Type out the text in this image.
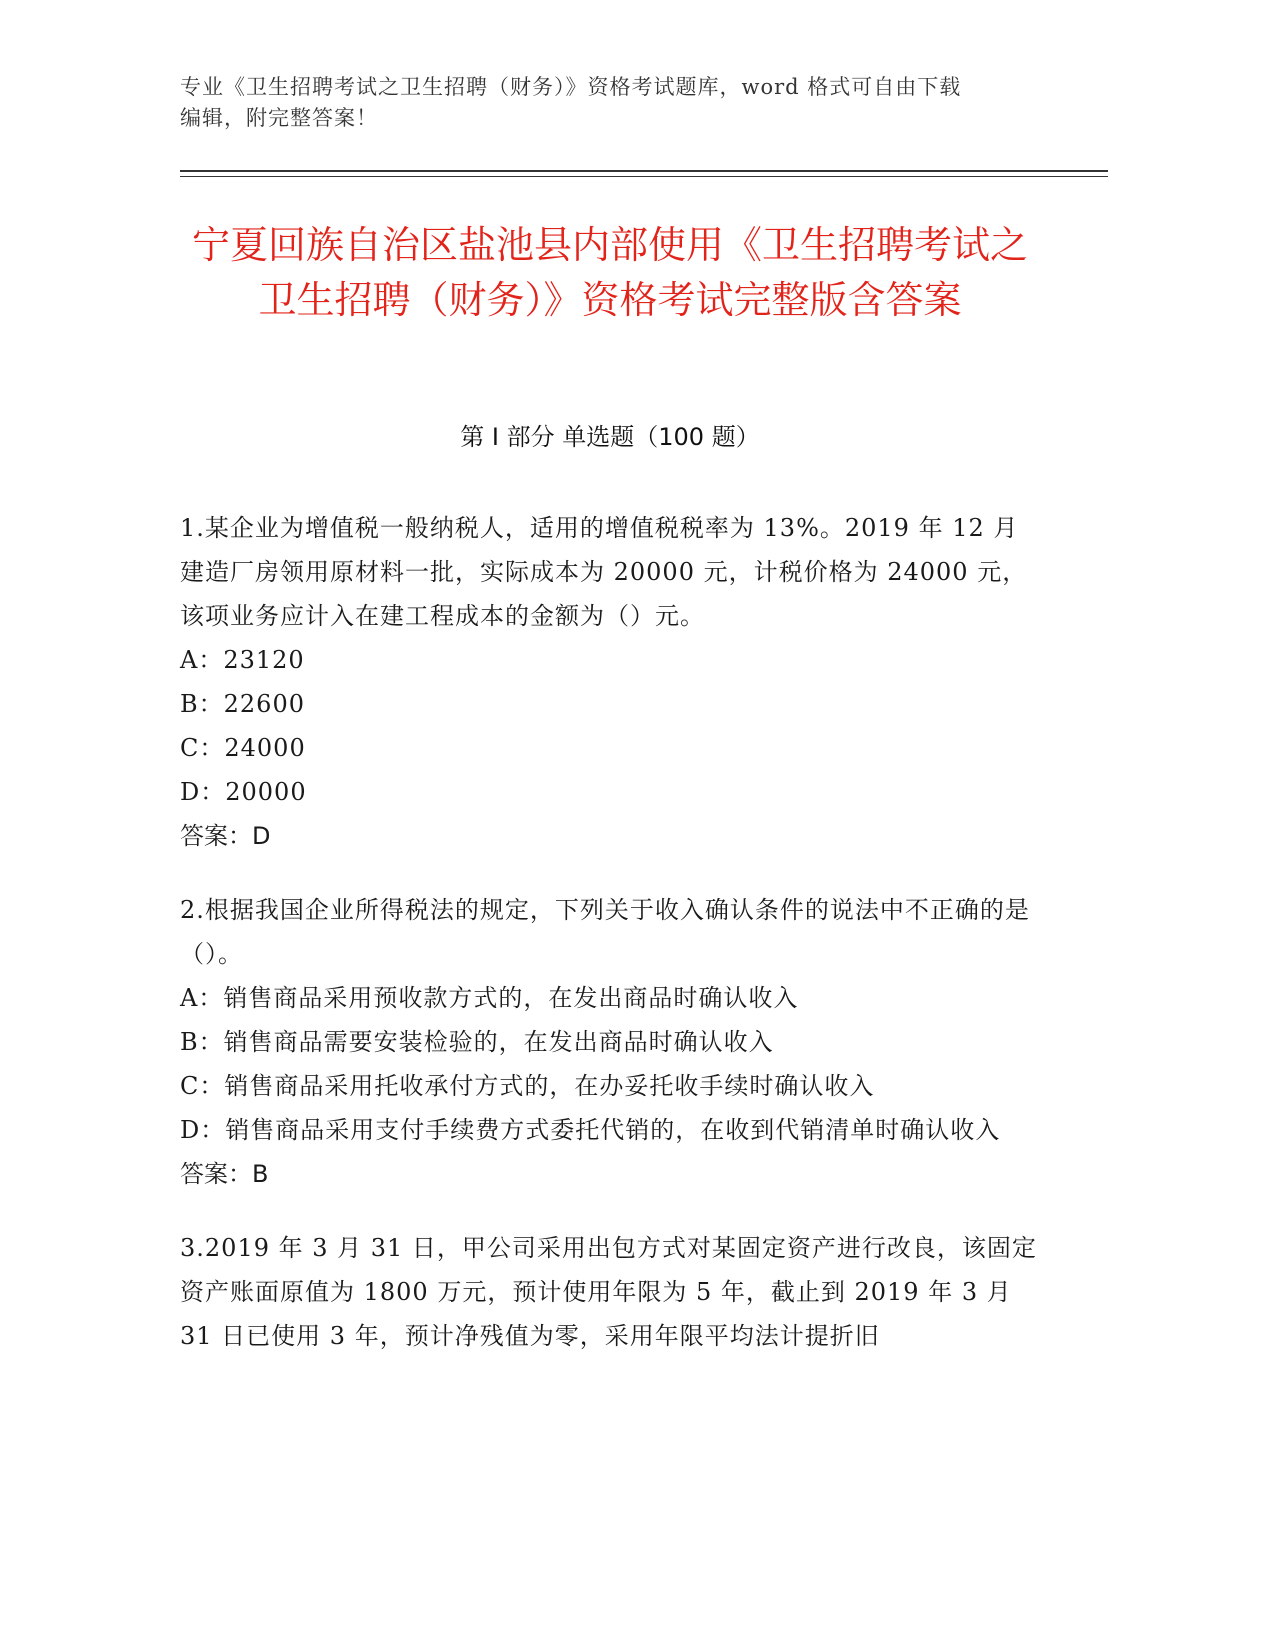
专业《卫生招聘考试之卫生招聘（财务）》资格考试题库，word 格式可自由下载

编辑，附完整答案！

宁夏回族自治区盐池县内部使用《卫生招聘考试之卫生招聘（财务）》资格考试完整版含答案
第 I 部分 单选题（100 题）

1.某企业为增值税一般纳税人，适用的增值税税率为 13%。2019 年 12 月建造厂房领用原材料一批，实际成本为 20000 元，计税价格为 24000 元，该项业务应计入在建工程成本的金额为（）元。

A：23120

B：22600

C：24000

D：20000

答案：D

2.根据我国企业所得税法的规定，下列关于收入确认条件的说法中不正确的是（）。

A：销售商品采用预收款方式的，在发出商品时确认收入

B：销售商品需要安装检验的，在发出商品时确认收入

C：销售商品采用托收承付方式的，在办妥托收手续时确认收入

D：销售商品采用支付手续费方式委托代销的，在收到代销清单时确认收入

答案：B

3.2019 年 3 月 31 日，甲公司采用出包方式对某固定资产进行改良，该固定资产账面原值为 1800 万元，预计使用年限为 5 年，截止到 2019 年 3 月 31 日已使用 3 年，预计净残值为零，采用年限平均法计提折旧
